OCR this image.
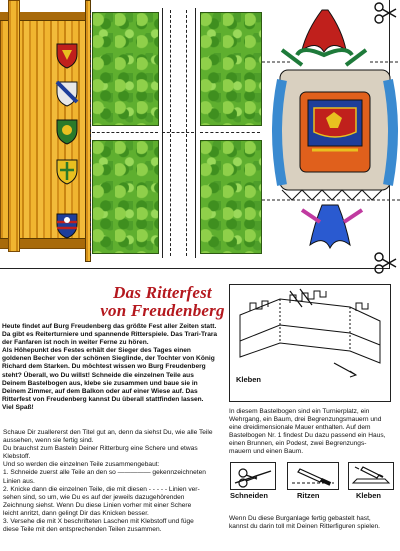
Das Ritterfest
von Freudenberg
Heute findet auf Burg Freudenberg das größte Fest aller Zeiten statt.
Da gibt es Reiterturniere und spannende Ritterspiele. Das Trari-Trara
der Fanfaren ist noch in weiter Ferne zu hören.
Als Höhepunkt des Festes erhält der Sieger des Tages einen
goldenen Becher von der schönen Sieglinde, der Tochter von König
Richard dem Starken. Du möchtest wissen wo Burg Freudenberg
steht? Überall, wo Du willst! Schneide die einzelnen Teile aus
Deinem Bastelbogen aus, klebe sie zusammen und baue sie in
Deinem Zimmer, auf dem Balkon oder auf einer Wiese auf. Das
Ritterfest von Freudenberg kannst Du überall stattfinden lassen.
Viel Spaß!
Kleben
In diesem Bastelbogen sind ein Turnierplatz, ein
Wehrgang, ein Baum, drei Begrenzungsmauern und
eine dreidimensionale Mauer enthalten. Auf dem
Bastelbogen Nr. 1 findest Du dazu passend ein Haus,
einen Brunnen, ein Podest, zwei Begrenzungs-
mauern und einen Baum.
Schaue Dir zuallererst den Titel gut an, denn da siehst Du, wie alle Teile
aussehen, wenn sie fertig sind.
Du brauchst zum Basteln Deiner Ritterburg eine Schere und etwas
Klebstoff.
Und so werden die einzelnen Teile zusammengebaut:
1. Schneide zuerst alle Teile an den so ————— gekennzeichneten
Linien aus.
2. Knicke dann die einzelnen Teile, die mit diesen - - - - - Linien ver-
sehen sind, so um, wie Du es auf der jeweils dazugehörenden
Zeichnung siehst. Wenn Du diese Linien vorher mit einer Schere
leicht anritzt, dann gelingt Dir das Knicken besser.
3. Versehe die mit X beschrifteten Laschen mit Klebstoff und füge
diese Teile mit den entsprechenden Teilen zusammen.
Schneiden	Ritzen	Kleben
Wenn Du diese Burganlage fertig gebastelt hast,
kannst du darin toll mit Deinen Ritterfiguren spielen.
